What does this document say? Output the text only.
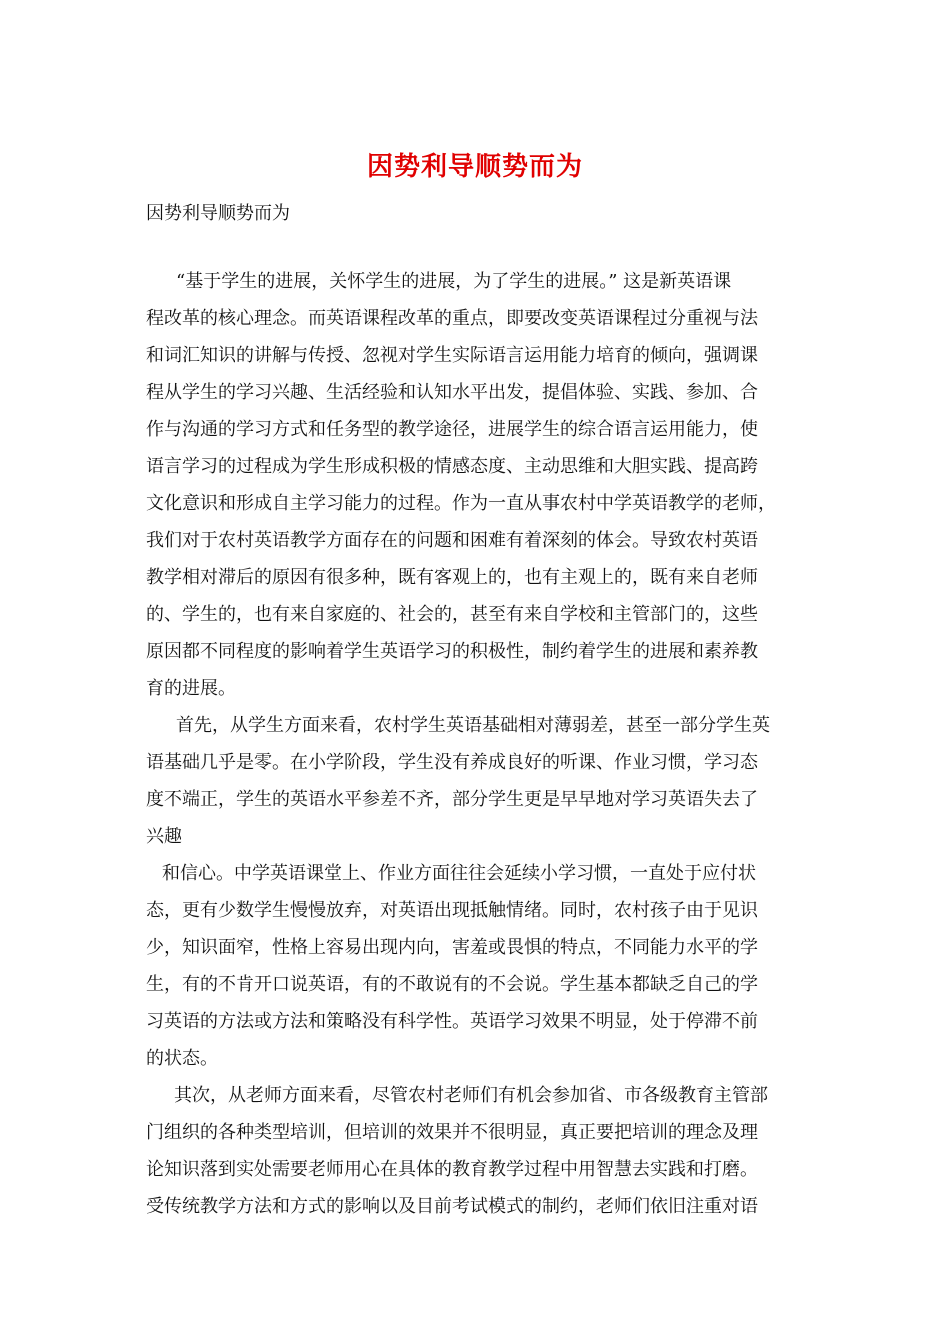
因势利导顺势而为
因势利导顺势而为
“基于学生的进展，关怀学生的进展，为了学生的进展。” 这是新英语课
程改革的核心理念。而英语课程改革的重点，即要改变英语课程过分重视与法
和词汇知识的讲解与传授、忽视对学生实际语言运用能力培育的倾向，强调课
程从学生的学习兴趣、生活经验和认知水平出发，提倡体验、实践、参加、合
作与沟通的学习方式和任务型的教学途径，进展学生的综合语言运用能力，使
语言学习的过程成为学生形成积极的情感态度、主动思维和大胆实践、提高跨
文化意识和形成自主学习能力的过程。作为一直从事农村中学英语教学的老师，
我们对于农村英语教学方面存在的问题和困难有着深刻的体会。导致农村英语
教学相对滞后的原因有很多种，既有客观上的，也有主观上的，既有来自老师
的、学生的，也有来自家庭的、社会的，甚至有来自学校和主管部门的，这些
原因都不同程度的影响着学生英语学习的积极性，制约着学生的进展和素养教
育的进展。
首先，从学生方面来看，农村学生英语基础相对薄弱差，甚至一部分学生英
语基础几乎是零。在小学阶段，学生没有养成良好的听课、作业习惯，学习态
度不端正，学生的英语水平参差不齐，部分学生更是早早地对学习英语失去了
兴趣
和信心。中学英语课堂上、作业方面往往会延续小学习惯，一直处于应付状
态，更有少数学生慢慢放弃，对英语出现抵触情绪。同时，农村孩子由于见识
少，知识面窄，性格上容易出现内向，害羞或畏惧的特点，不同能力水平的学
生，有的不肯开口说英语，有的不敢说有的不会说。学生基本都缺乏自己的学
习英语的方法或方法和策略没有科学性。英语学习效果不明显，处于停滞不前
的状态。
其次，从老师方面来看，尽管农村老师们有机会参加省、市各级教育主管部
门组织的各种类型培训，但培训的效果并不很明显，真正要把培训的理念及理
论知识落到实处需要老师用心在具体的教育教学过程中用智慧去实践和打磨。
受传统教学方法和方式的影响以及目前考试模式的制约，老师们依旧注重对语
